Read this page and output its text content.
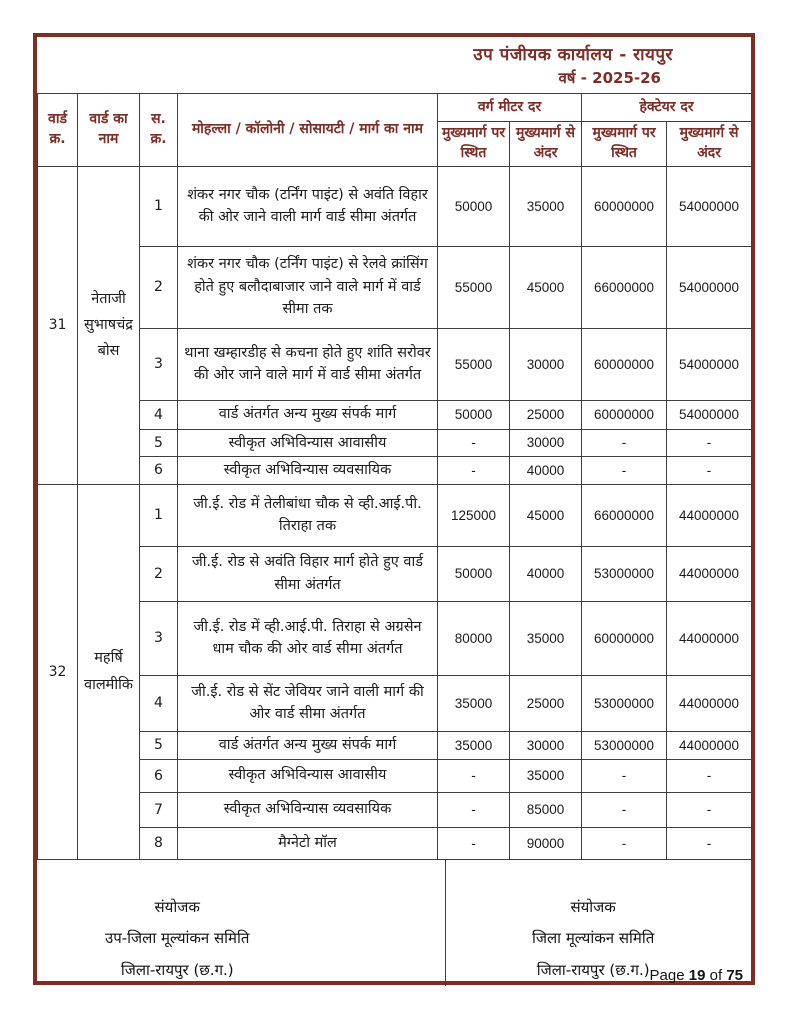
उप पंजीयक कार्यालय - रायपुर
वर्ष - 2025-26
वार्ड क्र.	वार्ड का नाम	स. क्र.	मोहल्ला / कॉलोनी / सोसायटी / मार्ग का नाम	वर्ग मीटर दर		हेक्टेयर दर	
				मुख्यमार्ग पर स्थित	मुख्यमार्ग से अंदर	मुख्यमार्ग पर स्थित	मुख्यमार्ग से अंदर
31	नेताजी सुभाषचंद्र बोस	1	शंकर नगर चौक (टर्निंग पाइंट) से अवंति विहार की ओर जाने वाली मार्ग वार्ड सीमा अंतर्गत	50000	35000	60000000	54000000
		2	शंकर नगर चौक (टर्निंग पाइंट) से रेलवे क्रांसिंग होते हुए बलौदाबाजार जाने वाले मार्ग में वार्ड सीमा तक	55000	45000	66000000	54000000
		3	थाना खम्हारडीह से कचना होते हुए शांति सरोवर की ओर जाने वाले मार्ग में वार्ड सीमा अंतर्गत	55000	30000	60000000	54000000
		4	वार्ड अंतर्गत अन्य मुख्य संपर्क मार्ग	50000	25000	60000000	54000000
		5	स्वीकृत अभिविन्यास आवासीय	-	30000	-	-
		6	स्वीकृत अभिविन्यास व्यवसायिक	-	40000	-	-
32	महर्षि वालमीकि	1	जी.ई. रोड में तेलीबांधा चौक से व्ही.आई.पी. तिराहा तक	125000	45000	66000000	44000000
		2	जी.ई. रोड से अवंति विहार मार्ग होते हुए वार्ड सीमा अंतर्गत	50000	40000	53000000	44000000
		3	जी.ई. रोड में व्ही.आई.पी. तिराहा से अग्रसेन धाम चौक की ओर वार्ड सीमा अंतर्गत	80000	35000	60000000	44000000
		4	जी.ई. रोड से सेंट जेवियर जाने वाली मार्ग की ओर वार्ड सीमा अंतर्गत	35000	25000	53000000	44000000
		5	वार्ड अंतर्गत अन्य मुख्य संपर्क मार्ग	35000	30000	53000000	44000000
		6	स्वीकृत अभिविन्यास आवासीय	-	35000	-	-
		7	स्वीकृत अभिविन्यास व्यवसायिक	-	85000	-	-
		8	मैग्नेटो मॉल	-	90000	-	-
संयोजक
उप-जिला मूल्यांकन समिति
जिला-रायपुर (छ.ग.)
संयोजक
जिला मूल्यांकन समिति
जिला-रायपुर (छ.ग.) Page 19 of 75
